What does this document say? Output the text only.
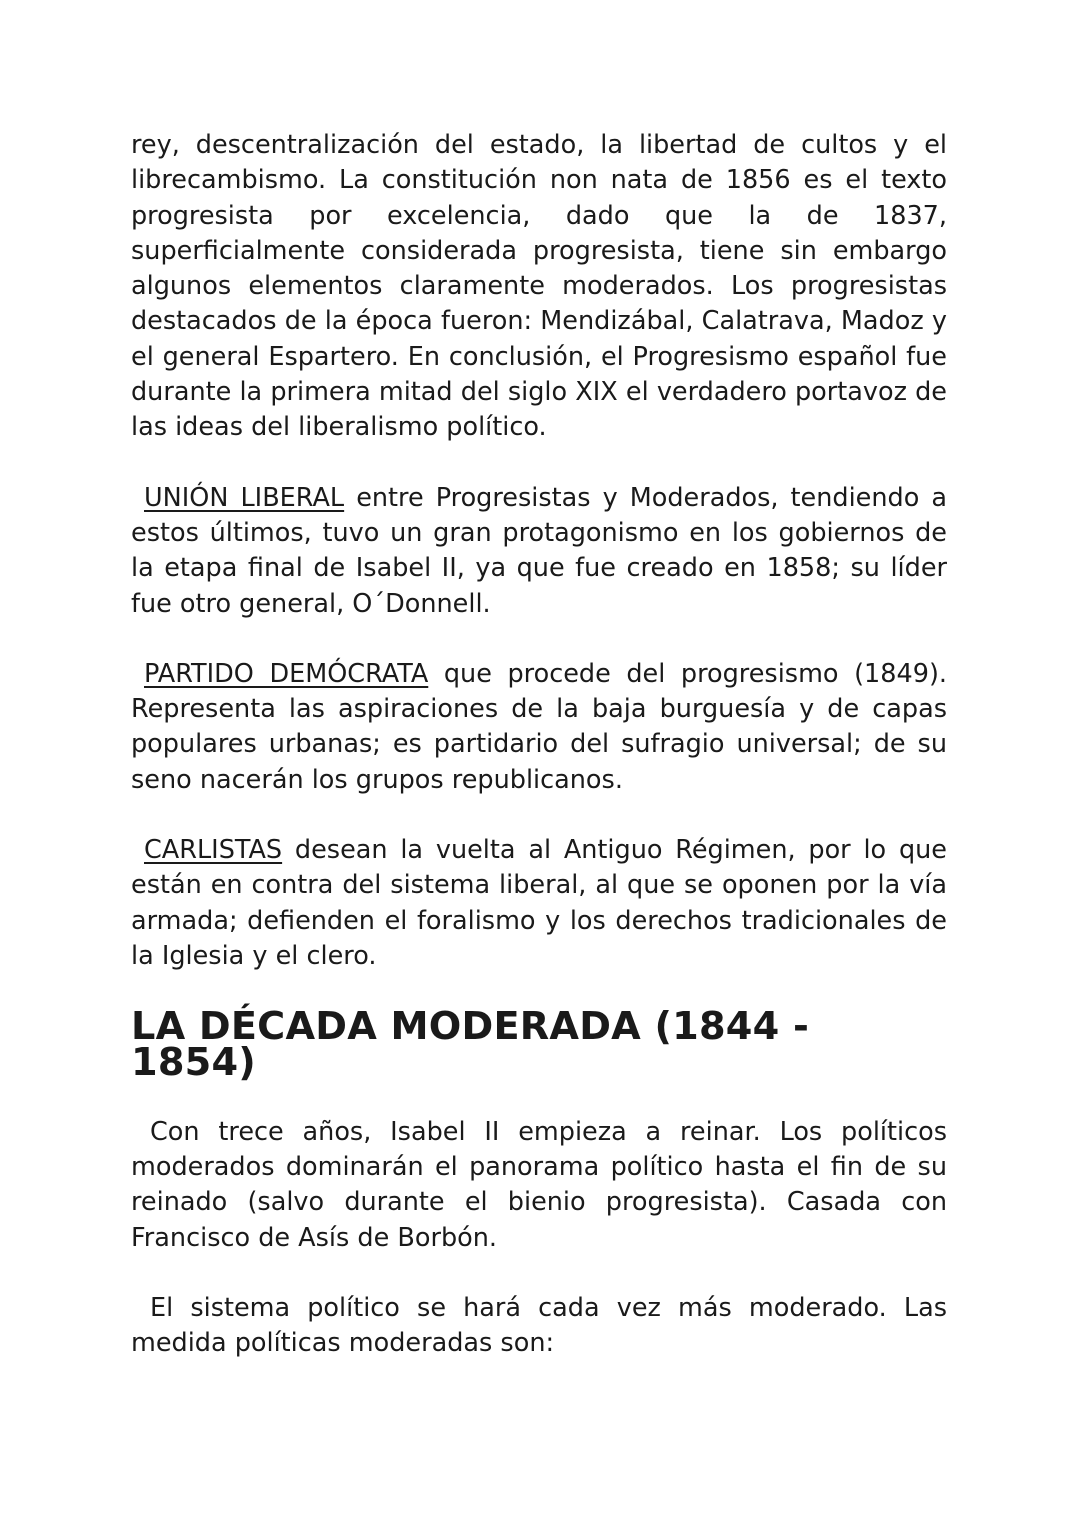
rey, descentralización del estado, la libertad de cultos y el librecambismo. La constitución non nata de 1856 es el texto progresista por excelencia, dado que la de 1837, superficialmente considerada progresista, tiene sin embargo algunos elementos claramente moderados. Los progresistas destacados de la época fueron: Mendizábal, Calatrava, Madoz y el general Espartero. En conclusión, el Progresismo español fue durante la primera mitad del siglo XIX el verdadero portavoz de las ideas del liberalismo político.

UNIÓN LIBERAL entre Progresistas y Moderados, tendiendo a estos últimos, tuvo un gran protagonismo en los gobiernos de la etapa final de Isabel II, ya que fue creado en 1858; su líder fue otro general, O´Donnell.

PARTIDO DEMÓCRATA que procede del progresismo (1849). Representa las aspiraciones de la baja burguesía y de capas populares urbanas; es partidario del sufragio universal; de su seno nacerán los grupos republicanos.

CARLISTAS desean la vuelta al Antiguo Régimen, por lo que están en contra del sistema liberal, al que se oponen por la vía armada; defienden el foralismo y los derechos tradicionales de la Iglesia y el clero.

LA DÉCADA MODERADA (1844 - 1854)

Con trece años, Isabel II empieza a reinar. Los políticos moderados dominarán el panorama político hasta el fin de su reinado (salvo durante el bienio progresista). Casada con Francisco de Asís de Borbón.

El sistema político se hará cada vez más moderado. Las medida políticas moderadas son:
